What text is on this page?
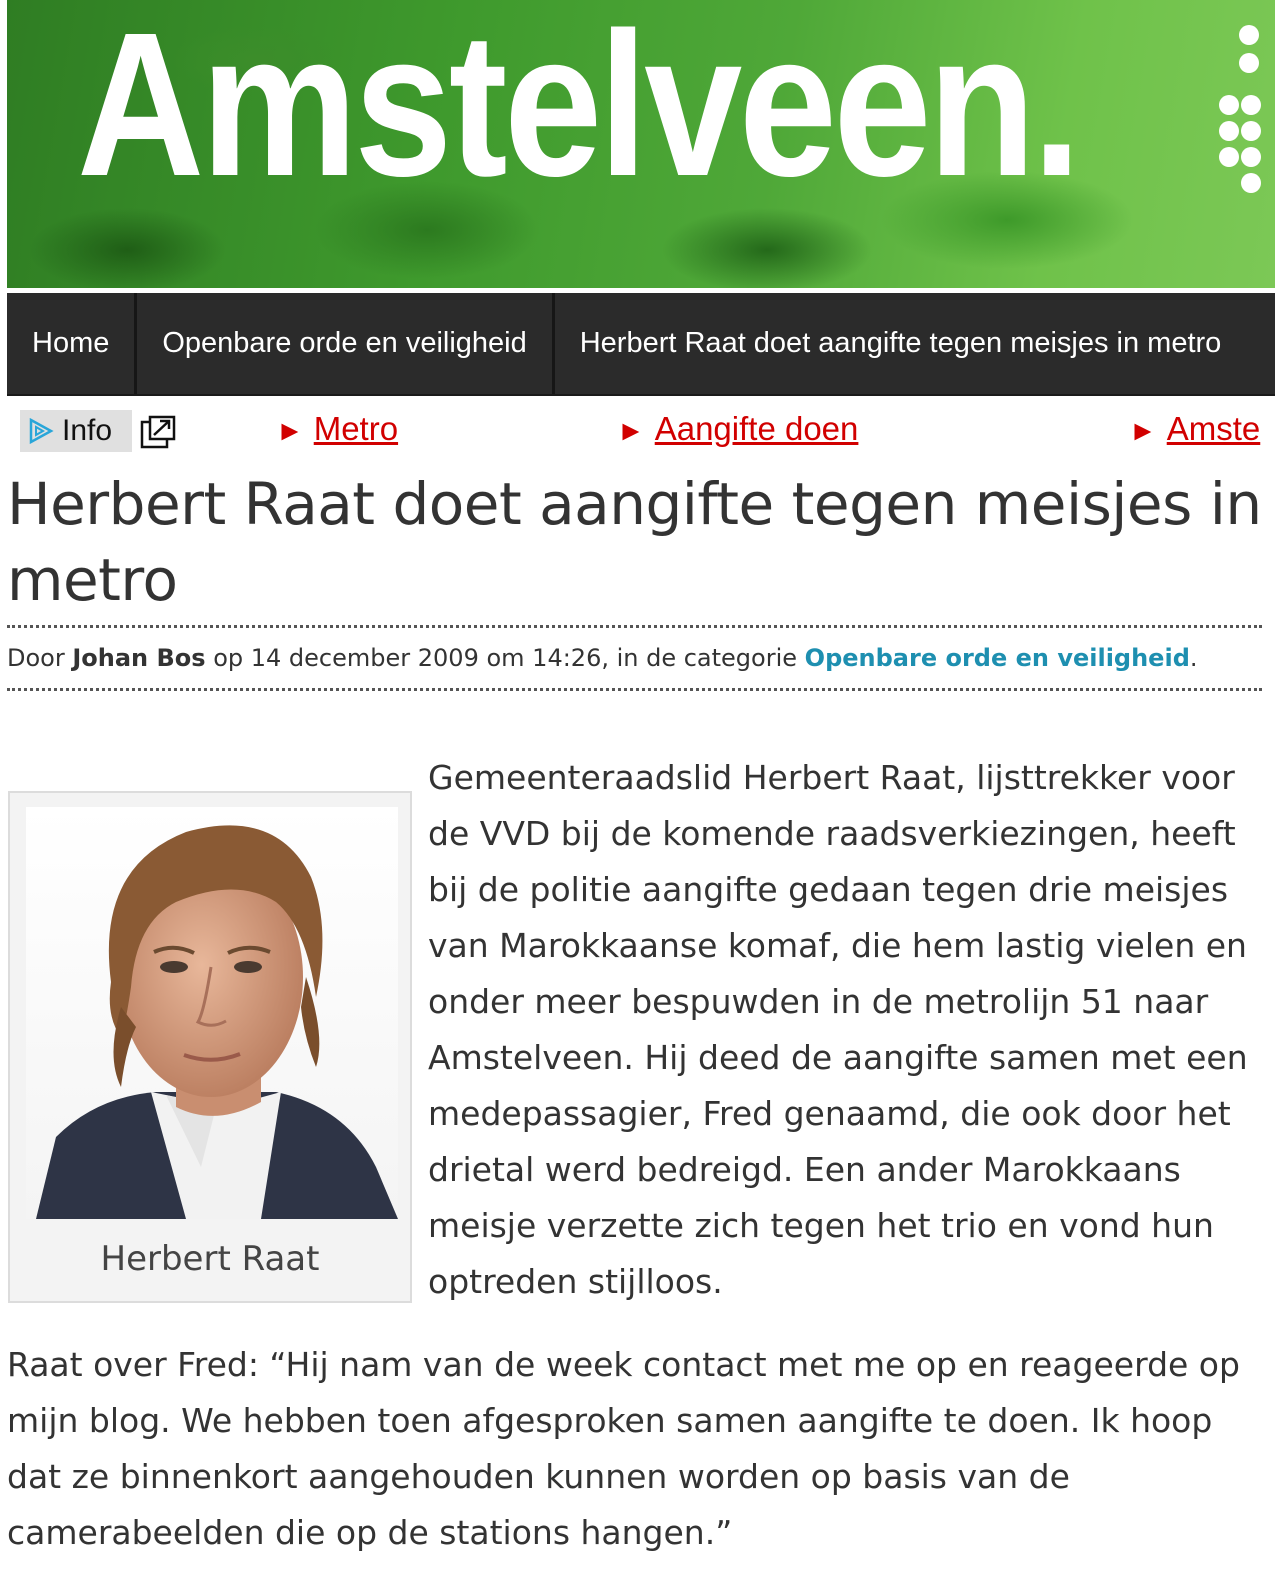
Amstelveen.
Home	Openbare orde en veiligheid	Herbert Raat doet aangifte tegen meisjes in metro
Info	► Metro	► Aangifte doen	► Amste
Herbert Raat doet aangifte tegen meisjes in metro
Door
Johan Bos
op 14 december 2009 om 14:26, in de categorie
Openbare orde en veiligheid .
Herbert Raat

Gemeenteraadslid Herbert Raat, lijsttrekker voor de VVD bij de komende raadsverkiezingen, heeft bij de politie aangifte gedaan tegen drie meisjes van Marokkaanse komaf, die hem lastig vielen en onder meer bespuwden in de metrolijn 51 naar Amstelveen. Hij deed de aangifte samen met een medepassagier, Fred genaamd, die ook door het drietal werd bedreigd. Een ander Marokkaans meisje verzette zich tegen het trio en vond hun optreden stijlloos.

Raat over Fred: “Hij nam van de week contact met me op en reageerde op mijn blog. We hebben toen afgesproken samen aangifte te doen. Ik hoop dat ze binnenkort aangehouden kunnen worden op basis van de camerabeelden die op de stations hangen.”
